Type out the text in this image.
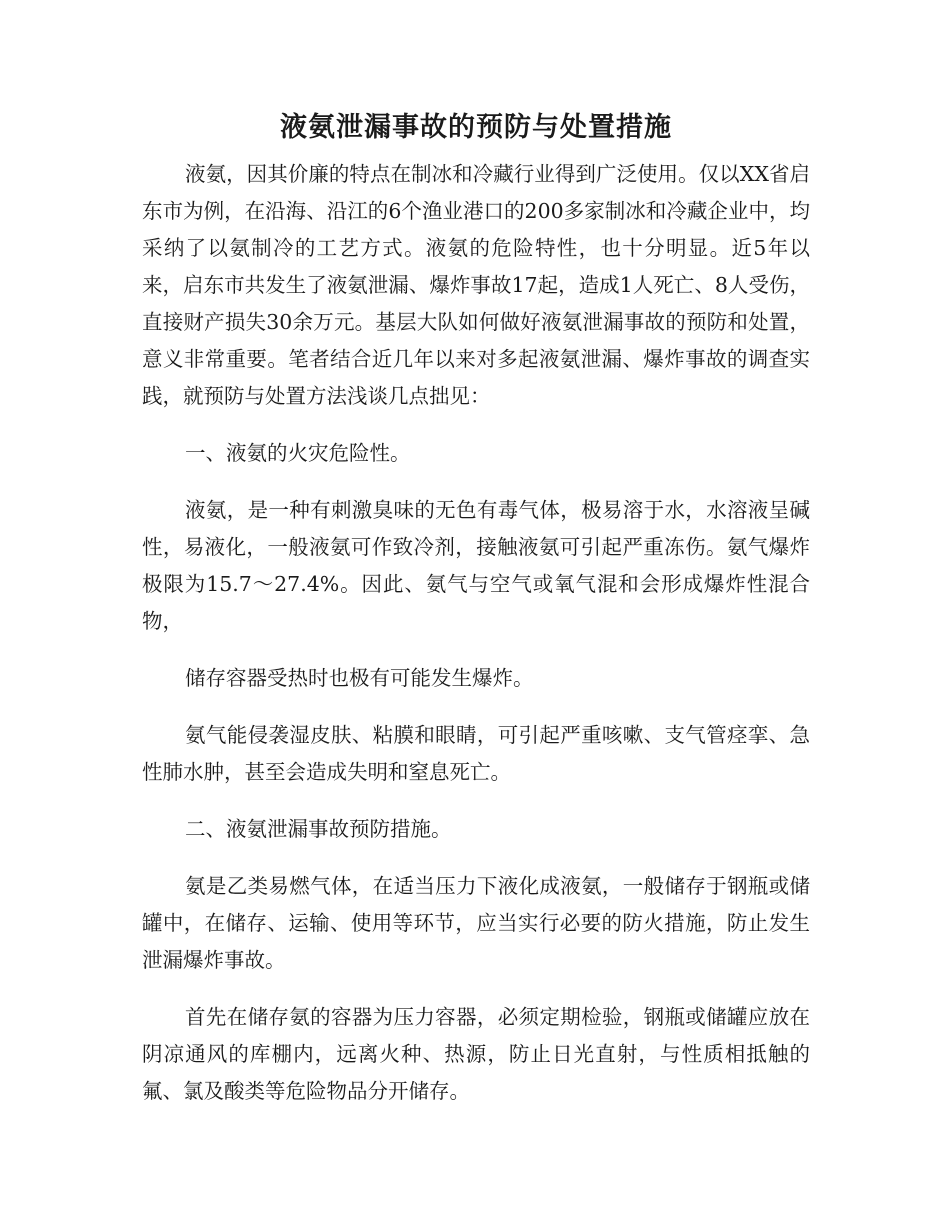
液氨泄漏事故的预防与处置措施

液氨，因其价廉的特点在制冰和冷藏行业得到广泛使用。仅以XX省启东市为例，在沿海、沿江的6个渔业港口的200多家制冰和冷藏企业中，均采纳了以氨制冷的工艺方式。液氨的危险特性，也十分明显。近5年以来，启东市共发生了液氨泄漏、爆炸事故17起，造成1人死亡、8人受伤，直接财产损失30余万元。基层大队如何做好液氨泄漏事故的预防和处置，意义非常重要。笔者结合近几年以来对多起液氨泄漏、爆炸事故的调查实践，就预防与处置方法浅谈几点拙见：

一、液氨的火灾危险性。

液氨，是一种有刺激臭味的无色有毒气体，极易溶于水，水溶液呈碱性，易液化，一般液氨可作致冷剂，接触液氨可引起严重冻伤。氨气爆炸极限为15.7～27.4%。因此、氨气与空气或氧气混和会形成爆炸性混合物，

储存容器受热时也极有可能发生爆炸。

氨气能侵袭湿皮肤、粘膜和眼睛，可引起严重咳嗽、支气管痉挛、急性肺水肿，甚至会造成失明和窒息死亡。

二、液氨泄漏事故预防措施。

氨是乙类易燃气体，在适当压力下液化成液氨，一般储存于钢瓶或储罐中，在储存、运输、使用等环节，应当实行必要的防火措施，防止发生泄漏爆炸事故。

首先在储存氨的容器为压力容器，必须定期检验，钢瓶或储罐应放在阴凉通风的库棚内，远离火种、热源，防止日光直射，与性质相抵触的氟、氯及酸类等危险物品分开储存。
